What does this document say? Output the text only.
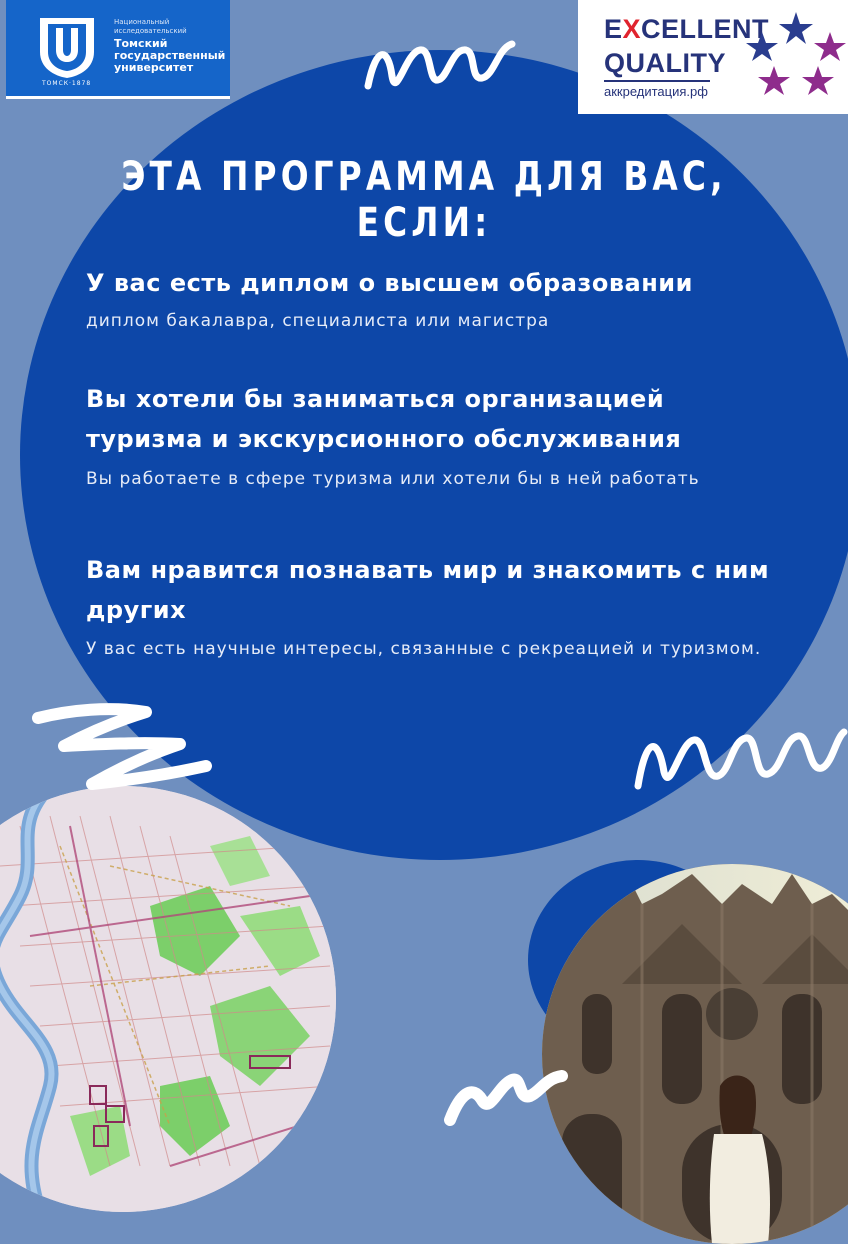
Национальный
исследовательский
Томский
государственный
университет
ТОМСК·1878
EXCELLENT
QUALITY
аккредитация.рф
ЭТА ПРОГРАММА ДЛЯ ВАС, ЕСЛИ:
У вас есть диплом о высшем образовании
диплом бакалавра, специалиста или магистра
Вы хотели бы заниматься организацией туризма и экскурсионного обслуживания
Вы работаете в сфере туризма или хотели бы в ней работать
Вам нравится познавать мир и знакомить с ним других
У вас есть научные интересы, связанные с рекреацией и туризмом.
